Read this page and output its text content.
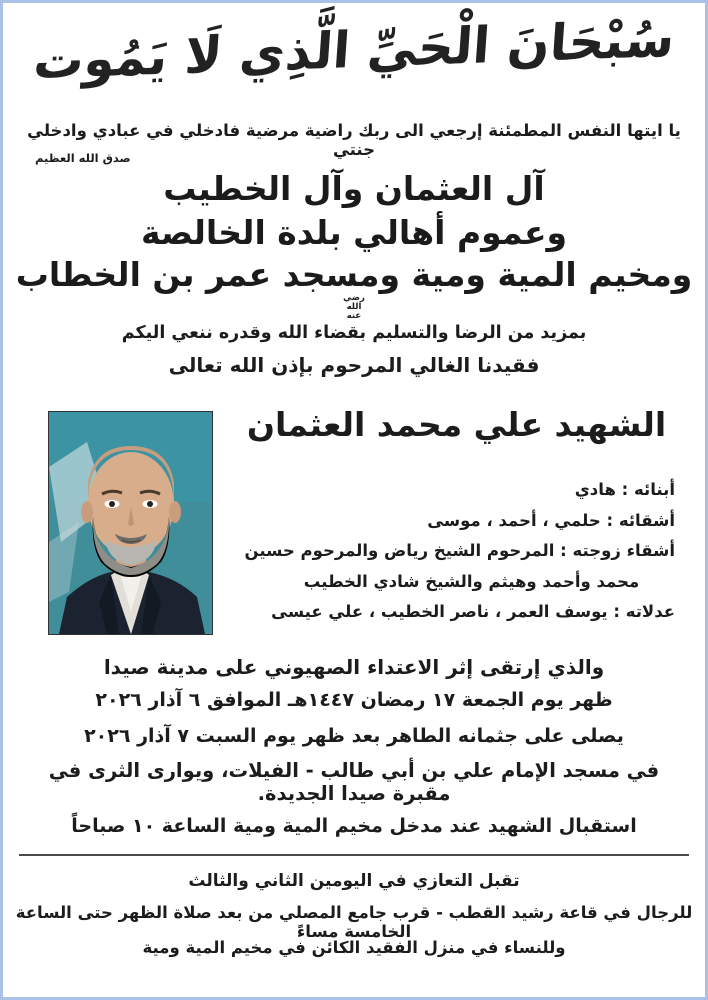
سُبْحَانَ الْحَيِّ الَّذِي لَا يَمُوت
يا ايتها النفس المطمئنة إرجعي الى ربك راضية مرضية فادخلي في عبادي وادخلي جنتي
صدق الله العظيم
آل العثمان وآل الخطيب
وعموم أهالي بلدة الخالصة
ومخيم المية ومية ومسجد عمر بن الخطاب رضي الله عنه
بمزيد من الرضا والتسليم بقضاء الله وقدره ننعي اليكم
فقيدنا الغالي المرحوم بإذن الله تعالى
الشهيد علي محمد العثمان
أبنائه : هادي
أشقائه : حلمي ، أحمد ، موسى
أشقاء زوجته : المرحوم الشيخ رياض والمرحوم حسين
محمد وأحمد وهيثم والشيخ شادي الخطيب
عدلاته : يوسف العمر ، ناصر الخطيب ، علي عيسى
والذي إرتقى إثر الاعتداء الصهيوني على مدينة صيدا
ظهر يوم الجمعة ١٧ رمضان ١٤٤٧هـ الموافق ٦ آذار ٢٠٢٦
يصلى على جثمانه الطاهر بعد ظهر يوم السبت ٧ آذار ٢٠٢٦
في مسجد الإمام علي بن أبي طالب - الفيلات، ويوارى الثرى في مقبرة صيدا الجديدة.
استقبال الشهيد عند مدخل مخيم المية ومية الساعة ١٠ صباحاً
تقبل التعازي في اليومين الثاني والثالث
للرجال في قاعة رشيد القطب - قرب جامع المصلي من بعد صلاة الظهر حتى الساعة الخامسة مساءً
وللنساء في منزل الفقيد الكائن في مخيم المية ومية
